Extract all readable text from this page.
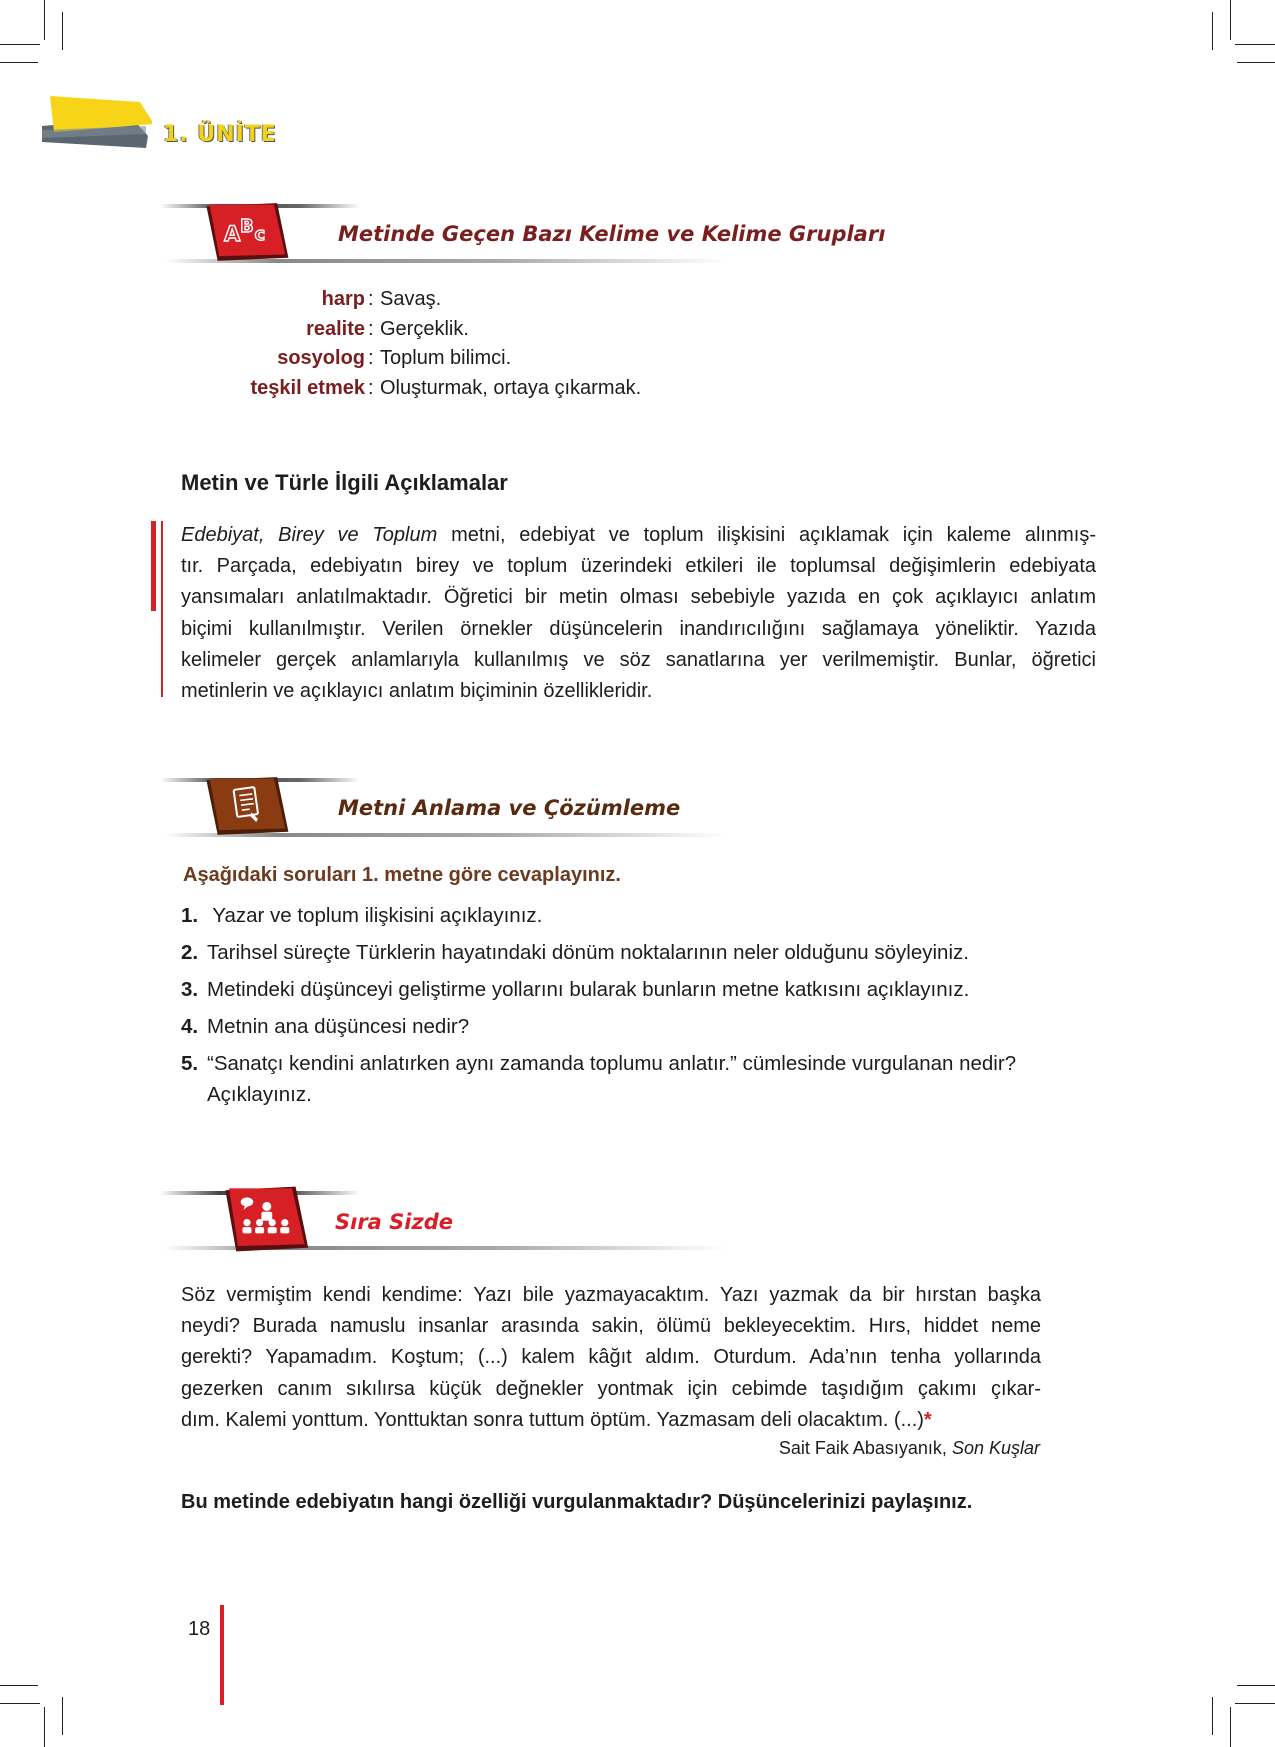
1. ÜNİTE
A B c	Metinde Geçen Bazı Kelime ve Kelime Grupları
harp : Savaş.
realite : Gerçeklik.
sosyolog : Toplum bilimci.
teşkil etmek : Oluşturmak, ortaya çıkarmak.
Metin ve Türle İlgili Açıklamalar

Edebiyat, Birey ve Toplum metni, edebiyat ve toplum ilişkisini açıklamak için kaleme alınmış-

tır. Parçada, edebiyatın birey ve toplum üzerindeki etkileri ile toplumsal değişimlerin edebiyata

yansımaları anlatılmaktadır. Öğretici bir metin olması sebebiyle yazıda en çok açıklayıcı anlatım

biçimi kullanılmıştır. Verilen örnekler düşüncelerin inandırıcılığını sağlamaya yöneliktir. Yazıda

kelimeler gerçek anlamlarıyla kullanılmış ve söz sanatlarına yer verilmemiştir. Bunlar, öğretici

metinlerin ve açıklayıcı anlatım biçiminin özellikleridir.

Metni Anlama ve Çözümleme
Aşağıdaki soruları 1. metne göre cevaplayınız.
1. Yazar ve toplum ilişkisini açıklayınız.
2. Tarihsel süreçte Türklerin hayatındaki dönüm noktalarının neler olduğunu söyleyiniz.
3. Metindeki düşünceyi geliştirme yollarını bularak bunların metne katkısını açıklayınız.
4. Metnin ana düşüncesi nedir?
5. “Sanatçı kendini anlatırken aynı zamanda toplumu anlatır.” cümlesinde vurgulanan nedir?
Açıklayınız.
Sıra Sizde

Söz vermiştim kendi kendime: Yazı bile yazmayacaktım. Yazı yazmak da bir hırstan başka

neydi? Burada namuslu insanlar arasında sakin, ölümü bekleyecektim. Hırs, hiddet neme

gerekti? Yapamadım. Koştum; (...) kalem kâğıt aldım. Oturdum. Ada’nın tenha yollarında

gezerken canım sıkılırsa küçük değnekler yontmak için cebimde taşıdığım çakımı çıkar-

dım. Kalemi yonttum. Yonttuktan sonra tuttum öptüm. Yazmasam deli olacaktım. (...)*

Sait Faik Abasıyanık, Son Kuşlar
Bu metinde edebiyatın hangi özelliği vurgulanmaktadır? Düşüncelerinizi paylaşınız.
18
